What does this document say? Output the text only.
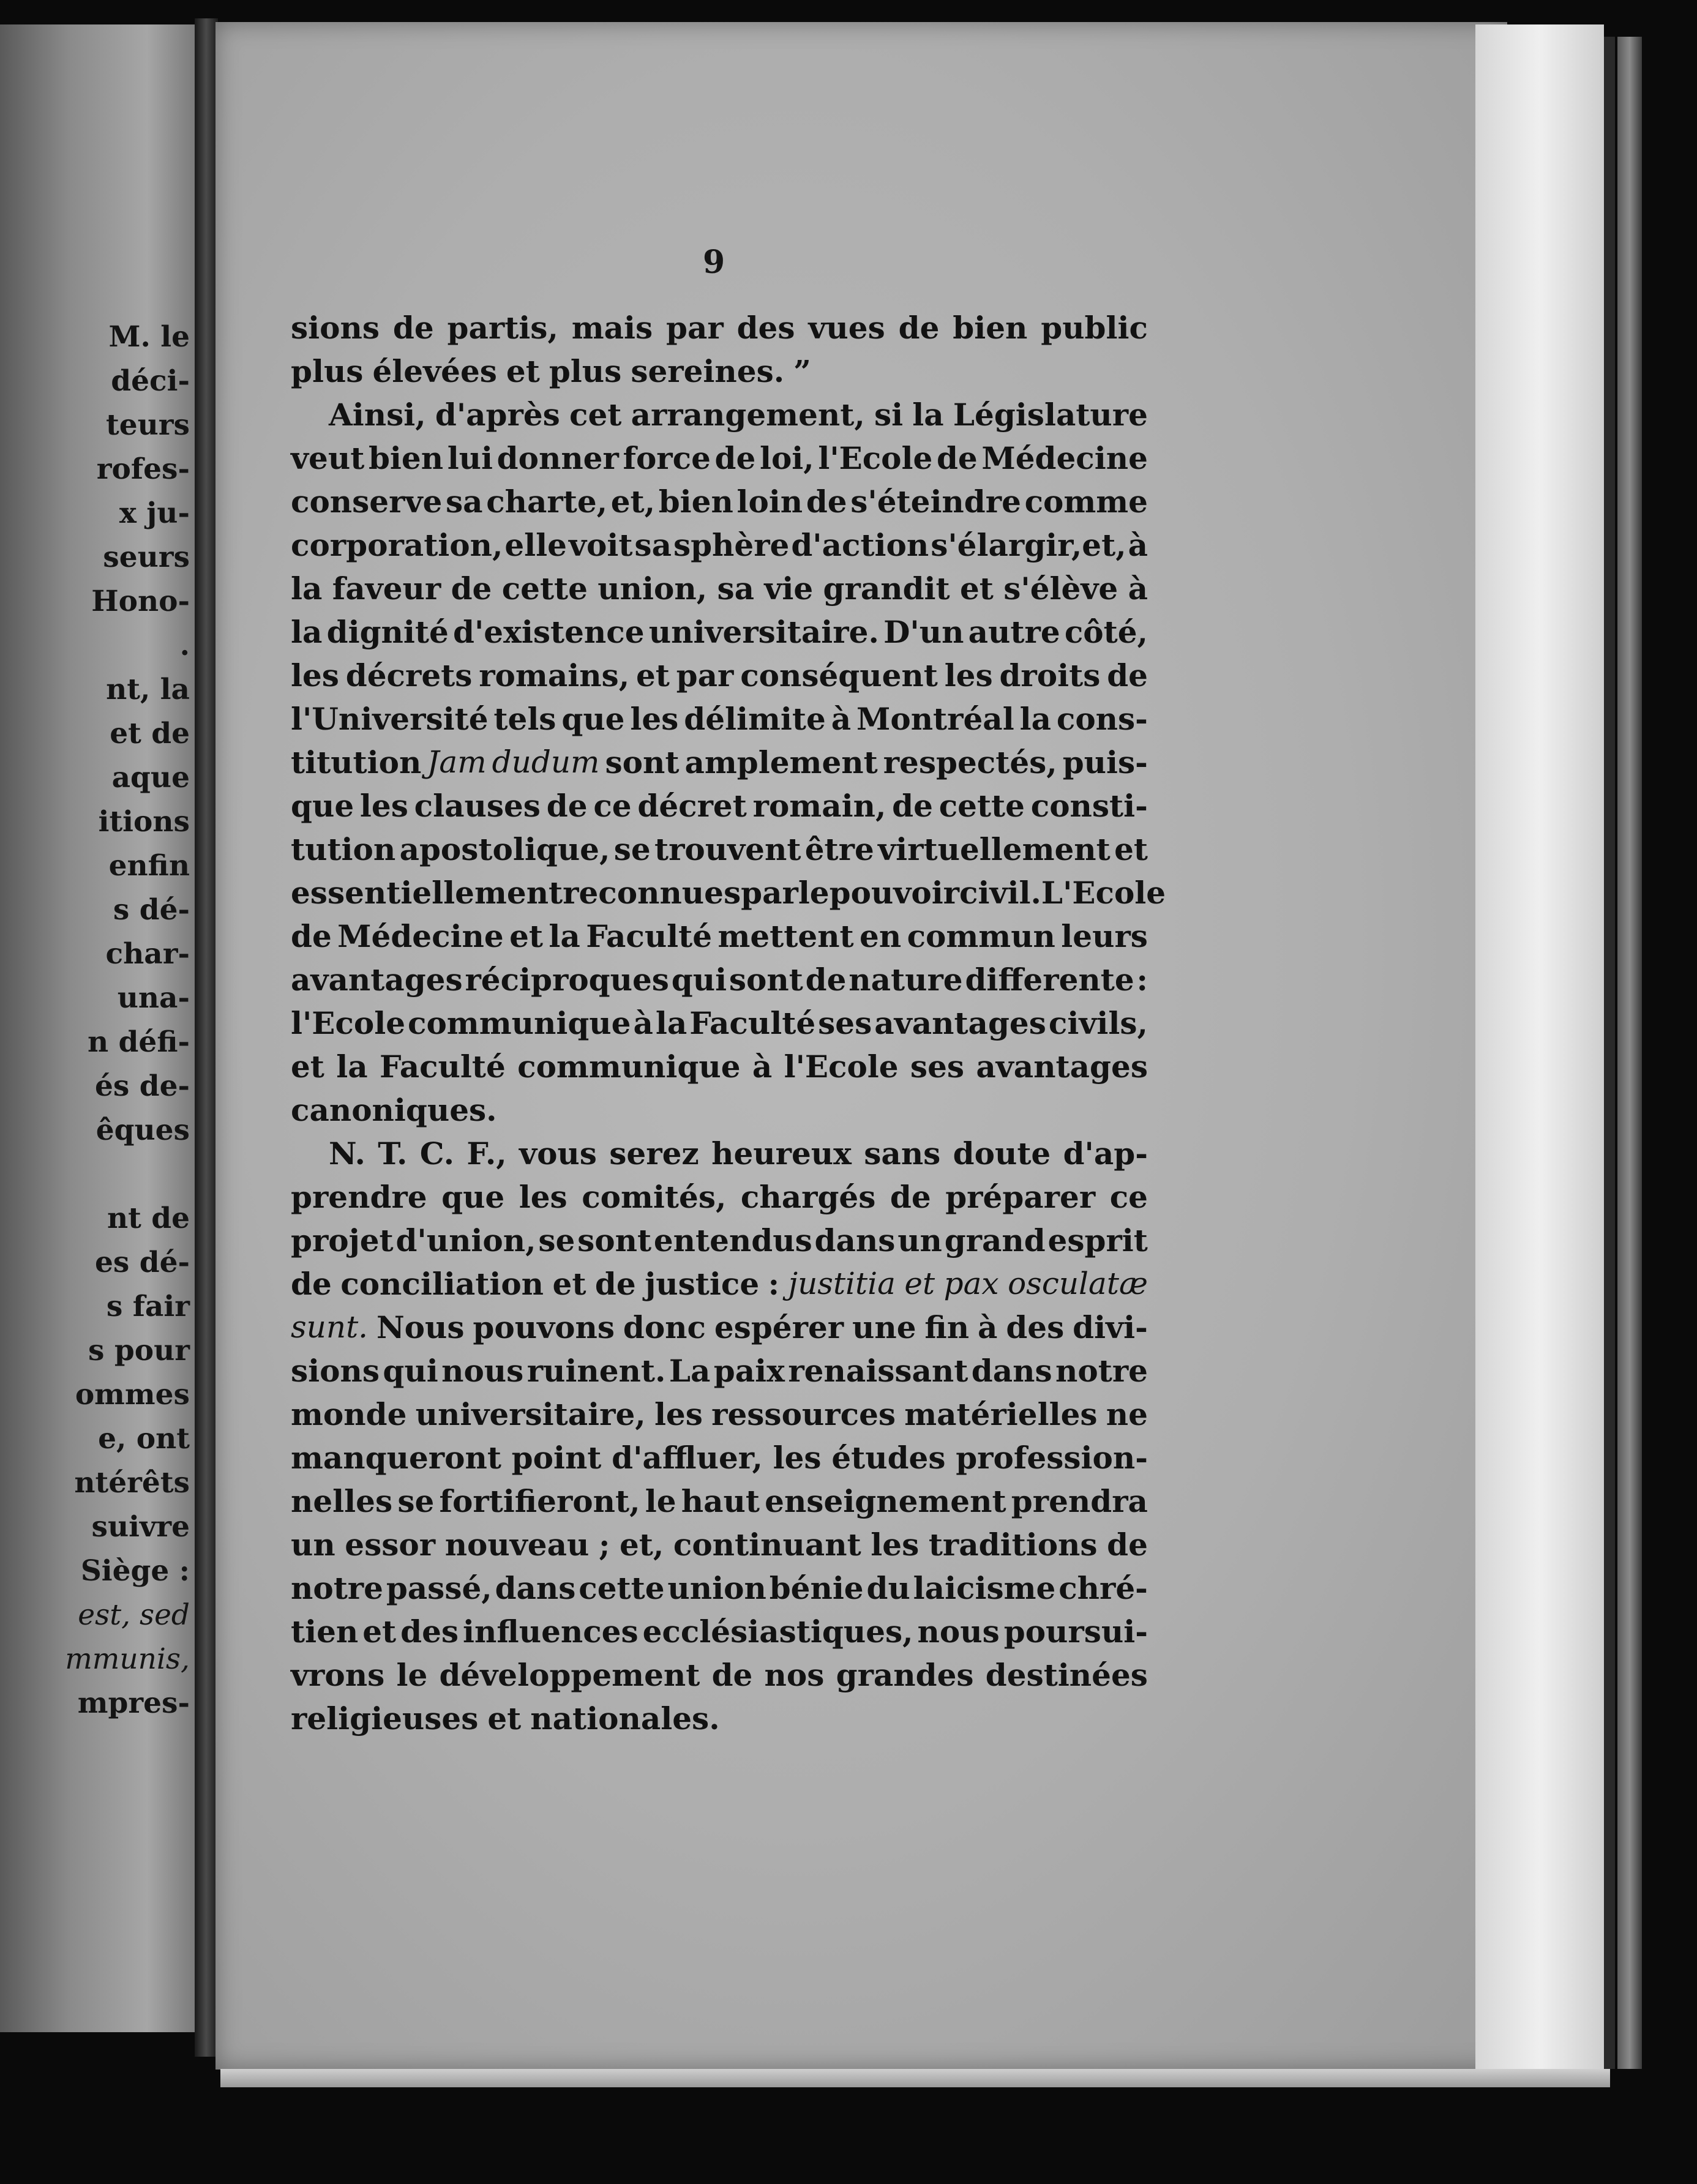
M. le
déci-
teurs
rofes-
x ju-
seurs
Hono-
.
nt, la
et de
aque
itions
enfin
s dé-
char-
una-
n défi-
és de-
êques

nt de
es dé-
s fair
s pour
ommes
e, ont
ntérêts
suivre
Siège :
est, sed
mmunis,
mpres-
9
sions de partis, mais par des vues de bien public
plus élevées et plus sereines. ”
Ainsi, d'après cet arrangement, si la Législature
veut bien lui donner force de loi, l'Ecole de Médecine
conserve sa charte, et, bien loin de s'éteindre comme
corporation, elle voit sa sphère d'action s'élargir,et, à
la faveur de cette union, sa vie grandit et s'élève à
la dignité d'existence universitaire. D'un autre côté,
les décrets romains, et par conséquent les droits de
l'Université tels que les délimite à Montréal la cons-
titution Jam dudum sont amplement respectés, puis-
que les clauses de ce décret romain, de cette consti-
tution apostolique, se trouvent être virtuellement et
essentiellement reconnues par le pouvoir civil. L'Ecole
de Médecine et la Faculté mettent en commun leurs
avantages réciproques qui sont de nature differente :
l'Ecole communique à la Faculté ses avantages civils,
et la Faculté communique à l'Ecole ses avantages
canoniques.
N. T. C. F., vous serez heureux sans doute d'ap-
prendre que les comités, chargés de préparer ce
projet d'union, se sont entendus dans un grand esprit
de conciliation et de justice : justitia et pax osculatæ
sunt. Nous pouvons donc espérer une fin à des divi-
sions qui nous ruinent. La paix renaissant dans notre
monde universitaire, les ressources matérielles ne
manqueront point d'affluer, les études profession-
nelles se fortifieront, le haut enseignement prendra
un essor nouveau ; et, continuant les traditions de
notre passé, dans cette union bénie du laicisme chré-
tien et des influences ecclésiastiques, nous poursui-
vrons le développement de nos grandes destinées
religieuses et nationales.
